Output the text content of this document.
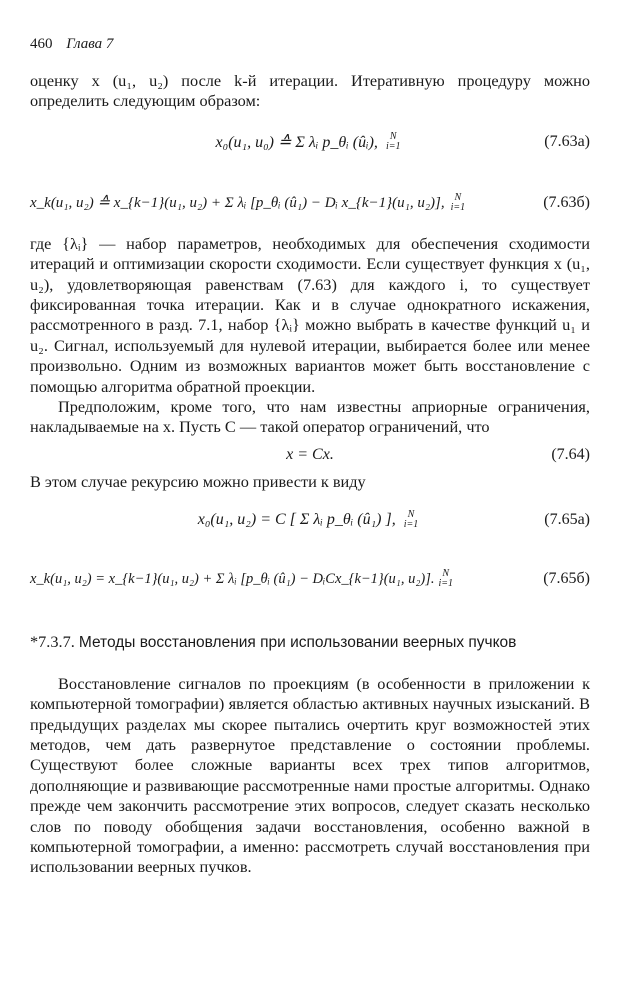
460 Глава 7

оценку x (u₁, u₂) после k-й итерации. Итеративную процедуру можно определить следующим образом:

x₀(u₁, u₀) ≙ Σ λᵢ p_θᵢ (ûᵢ), N
i=1	(7.63а)
x_k(u₁, u₂) ≙ x_{k−1}(u₁, u₂) + Σ λᵢ [p_θᵢ (û₁) − Dᵢ x_{k−1}(u₁, u₂)], N
i=1	(7.63б)

где {λᵢ} — набор параметров, необходимых для обеспечения сходимости итераций и оптимизации скорости сходимости. Если существует функция x (u₁, u₂), удовлетворяющая равенствам (7.63) для каждого i, то существует фиксированная точка итерации. Как и в случае однократного искажения, рассмотренного в разд. 7.1, набор {λᵢ} можно выбрать в качестве функций u₁ и u₂. Сигнал, используемый для нулевой итерации, выбирается более или менее произвольно. Одним из возможных вариантов может быть восстановление с помощью алгоритма обратной проекции.

Предположим, кроме того, что нам известны априорные ограничения, накладываемые на x. Пусть C — такой оператор ограничений, что

x = Cx.	(7.64)

В этом случае рекурсию можно привести к виду

x₀(u₁, u₂) = C [ Σ λᵢ p_θᵢ (û₁) ], N
i=1	(7.65а)
x_k(u₁, u₂) = x_{k−1}(u₁, u₂) + Σ λᵢ [p_θᵢ (û₁) − DᵢCx_{k−1}(u₁, u₂)]. N
i=1	(7.65б)
*7.3.7. Методы восстановления при использовании веерных пучков

Восстановление сигналов по проекциям (в особенности в приложении к компьютерной томографии) является областью активных научных изысканий. В предыдущих разделах мы скорее пытались очертить круг возможностей этих методов, чем дать развернутое представление о состоянии проблемы. Существуют более сложные варианты всех трех типов алгоритмов, дополняющие и развивающие рассмотренные нами простые алгоритмы. Однако прежде чем закончить рассмотрение этих вопросов, следует сказать несколько слов по поводу обобщения задачи восстановления, особенно важной в компьютерной томографии, а именно: рассмотреть случай восстановления при использовании веерных пучков.
